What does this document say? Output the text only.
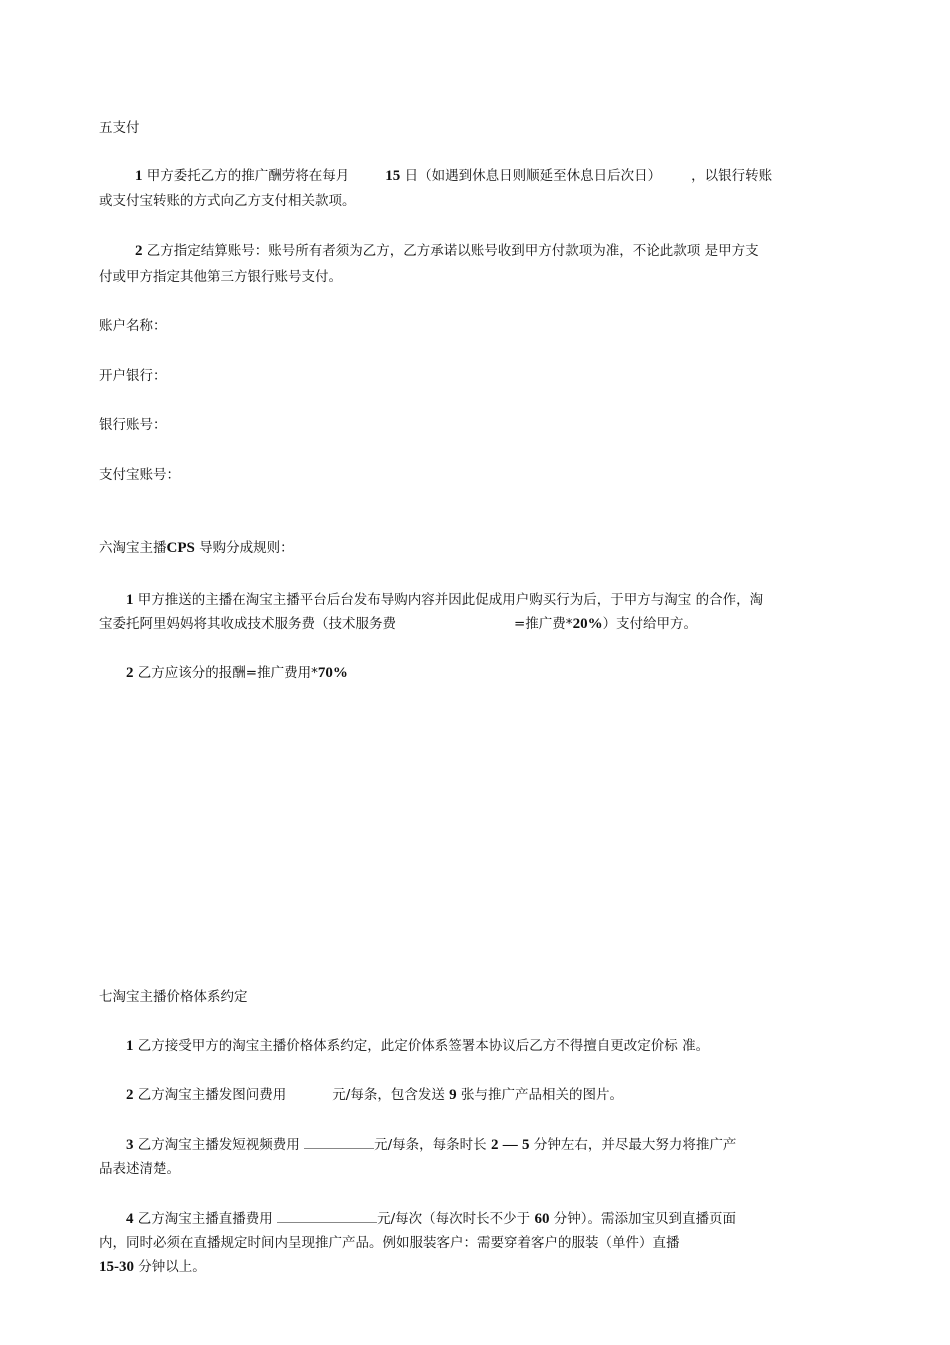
五支付
1 甲方委托乙方的推广酬劳将在每月 15 日（如遇到休息日则顺延至休息日后次日） ，以银行转账
或支付宝转账的方式向乙方支付相关款项。
2 乙方指定结算账号：账号所有者须为乙方，乙方承诺以账号收到甲方付款项为准，不论此款项 是甲方支
付或甲方指定其他第三方银行账号支付。
账户名称：
开户银行：
银行账号：
支付宝账号：
六淘宝主播CPS 导购分成规则：
1 甲方推送的主播在淘宝主播平台后台发布导购内容并因此促成用户购买行为后，于甲方与淘宝 的合作，淘
宝委托阿里妈妈将其收成技术服务费（技术服务费	=推广费*20%）支付给甲方。
2 乙方应该分的报酬=推广费用*70%
七淘宝主播价格体系约定
1 乙方接受甲方的淘宝主播价格体系约定，此定价体系签署本协议后乙方不得擅自更改定价标 准。
2 乙方淘宝主播发图问费用	元/每条，包含发送 9 张与推广产品相关的图片。
3 乙方淘宝主播发短视频费用	元/每条，每条时长 2 — 5 分钟左右，并尽最大努力将推广产
品表述清楚。
4 乙方淘宝主播直播费用	元/每次（每次时长不少于 60 分钟）。需添加宝贝到直播页面
内，同时必须在直播规定时间内呈现推广产品。例如服装客户：需要穿着客户的服装（单件）直播
15-30 分钟以上。
